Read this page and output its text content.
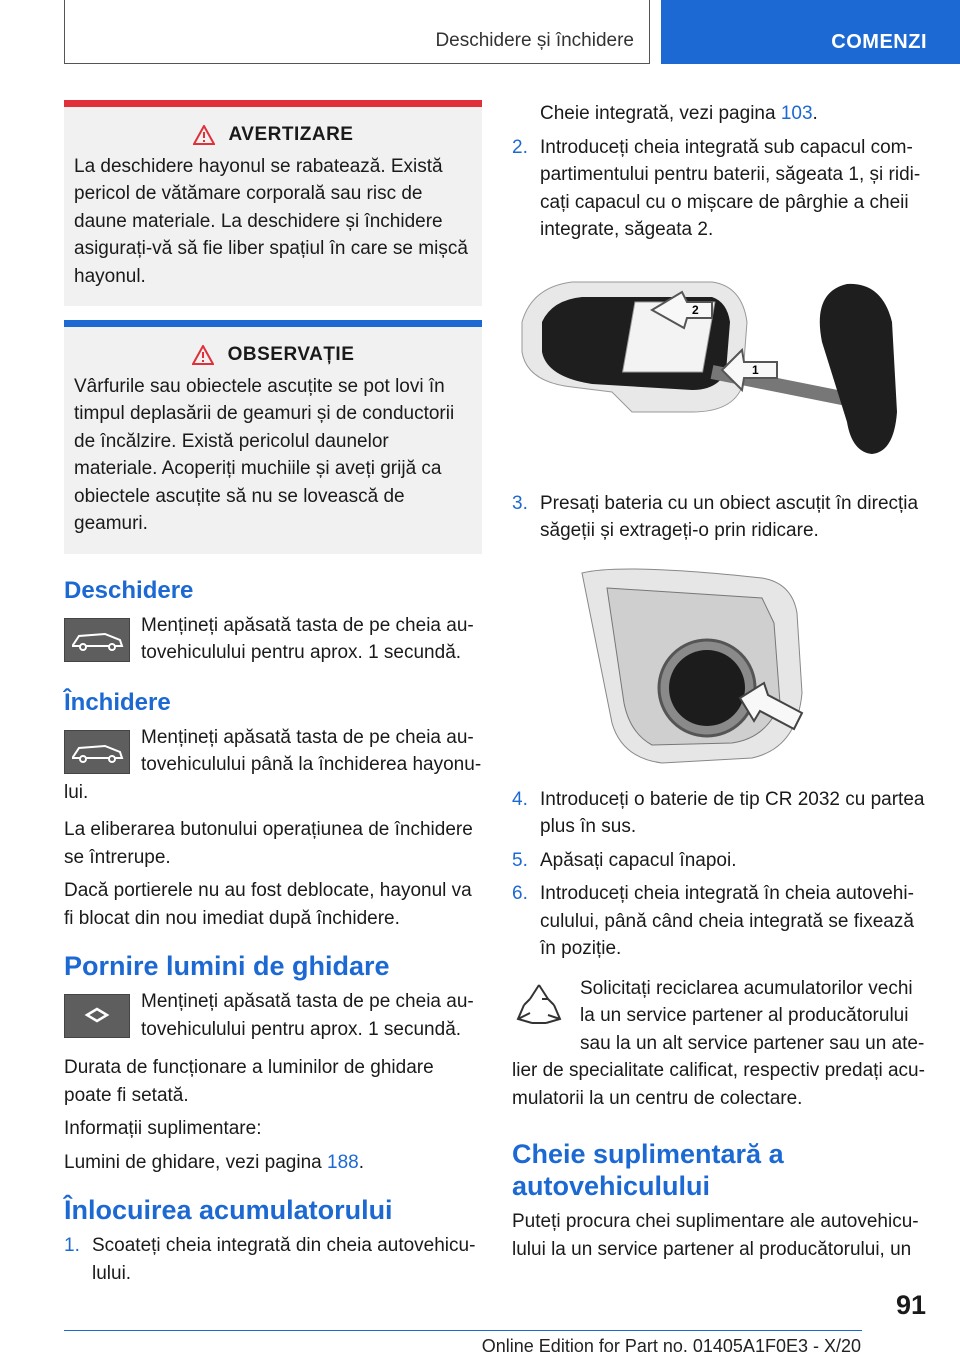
Deschidere și închidere	COMENZI
AVERTIZARE

La deschidere hayonul se rabatează. Există pericol de vătămare corporală sau risc de daune materiale. La deschidere și închidere asigurați-vă să fie liber spațiul în care se mișcă hayonul.

OBSERVAȚIE

Vârfurile sau obiectele ascuțite se pot lovi în timpul deplasării de geamuri și de conductorii de încălzire. Există pericolul daunelor materiale. Acoperiți muchiile și aveți grijă ca obiectele ascuțite să nu se lovească de geamuri.

Deschidere
Mențineți apăsată tasta de pe cheia autovehiculului pentru aprox. 1 secundă.
Închidere
Mențineți apăsată tasta de pe cheia autovehiculului până la închiderea hayonului.

La eliberarea butonului operațiunea de închidere se întrerupe.

Dacă portierele nu au fost deblocate, hayonul va fi blocat din nou imediat după închidere.

Pornire lumini de ghidare
Mențineți apăsată tasta de pe cheia autovehiculului pentru aprox. 1 secundă.

Durata de funcționare a luminilor de ghidare poate fi setată.

Informații suplimentare:

Lumini de ghidare, vezi pagina 188.

Înlocuirea acumulatorului
1. Scoateți cheia integrată din cheia autovehiculului.
Cheie integrată, vezi pagina 103.
2. Introduceți cheia integrată sub capacul compartimentului pentru baterii, săgeata 1, și ridicați capacul cu o mișcare de pârghie a cheii integrate, săgeata 2.
2
1
3. Presați bateria cu un obiect ascuțit în direcția săgeții și extrageți-o prin ridicare.
4. Introduceți o baterie de tip CR 2032 cu partea plus în sus.
5. Apăsați capacul înapoi.
6. Introduceți cheia integrată în cheia autovehiculului, până când cheia integrată se fixează în poziție.
Solicitați reciclarea acumulatorilor vechi la un service partener al producătorului sau la un alt service partener sau un atelier de specialitate calificat, respectiv predați acumulatorii la un centru de colectare.
Cheie suplimentară a autovehiculului

Puteți procura chei suplimentare ale autovehiculului la un service partener al producătorului, un

91
Online Edition for Part no. 01405A1F0E3 - X/20
